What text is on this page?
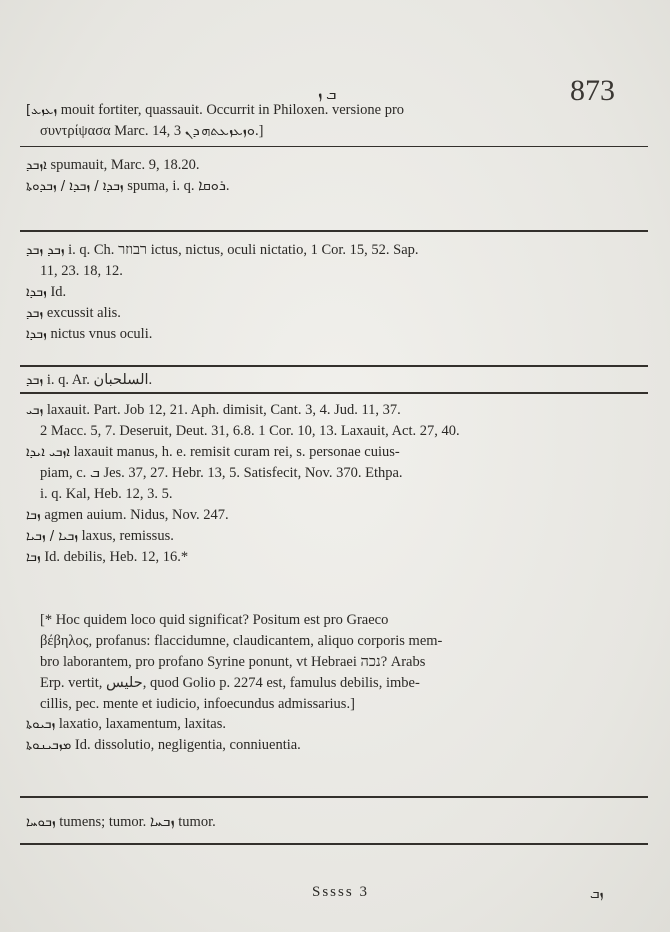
ܒ ܙ	873
[ܙܥܙܥ mouit fortiter, quassauit. Occurrit in Philoxen. versione pro
συντρίψασα Marc. 14, 3 ܘܙܥܙܥܬܗ ܕܢ.]
ܐܙܒܕ spumauit, Marc. 9, 18.20.
ܙܒܕܐ / ܙܒܕܐ / ܙܒܕܘܬܐ spuma, i. q. ܪܘܩܐ.
ܙܒܕ ܙܒܕ i. q. Ch. רבוזר ictus, nictus, oculi nictatio, 1 Cor. 15, 52. Sap.
11, 23. 18, 12.
ܙܒܕܐ Id.
ܙܒܕ excussit alis.
ܙܒܕܐ nictus vnus oculi.
ܙܒܕ i. q. Ar. اﻟﺴﻠﺤﺒﺎن.
ܙܒܝ laxauit. Part. Job 12, 21. Aph. dimisit, Cant. 3, 4. Jud. 11, 37.
2 Macc. 5, 7. Deseruit, Deut. 31, 6.8. 1 Cor. 10, 13. Laxauit, Act. 27, 40.
ܐܙܒܝ ܐܝܕܐ laxauit manus, h. e. remisit curam rei, s. personae cuius-
piam, c. ܒ Jes. 37, 27. Hebr. 13, 5. Satisfecit, Nov. 370. Ethpa.
i. q. Kal, Heb. 12, 3. 5.
ܙܒܐ agmen auium. Nidus, Nov. 247.
ܙܒܝܐ / ܙܒܝܐ laxus, remissus.
ܙܒܐ Id. debilis, Heb. 12, 16.*
[* Hoc quidem loco quid significat? Positum est pro Graeco
βέβηλος, profanus: flaccidumne, claudicantem, aliquo corporis mem-
bro laborantem, pro profano Syrine ponunt, vt Hebraei נכה? Arabs
Erp. vertit, ﺣﻠﻴﺲ, quod Golio p. 2274 est, famulus debilis, imbe-
cillis, pec. mente et iudicio, infoecundus admissarius.]
ܙܒܝܘܬܐ laxatio, laxamentum, laxitas.
ܡܙܒܝܢܘܬܐ Id. dissolutio, negligentia, conniuentia.
ܙܒܘܚܐ tumens; tumor. ܙܒܚܐ tumor.
Sssss 3	ܙܒ
